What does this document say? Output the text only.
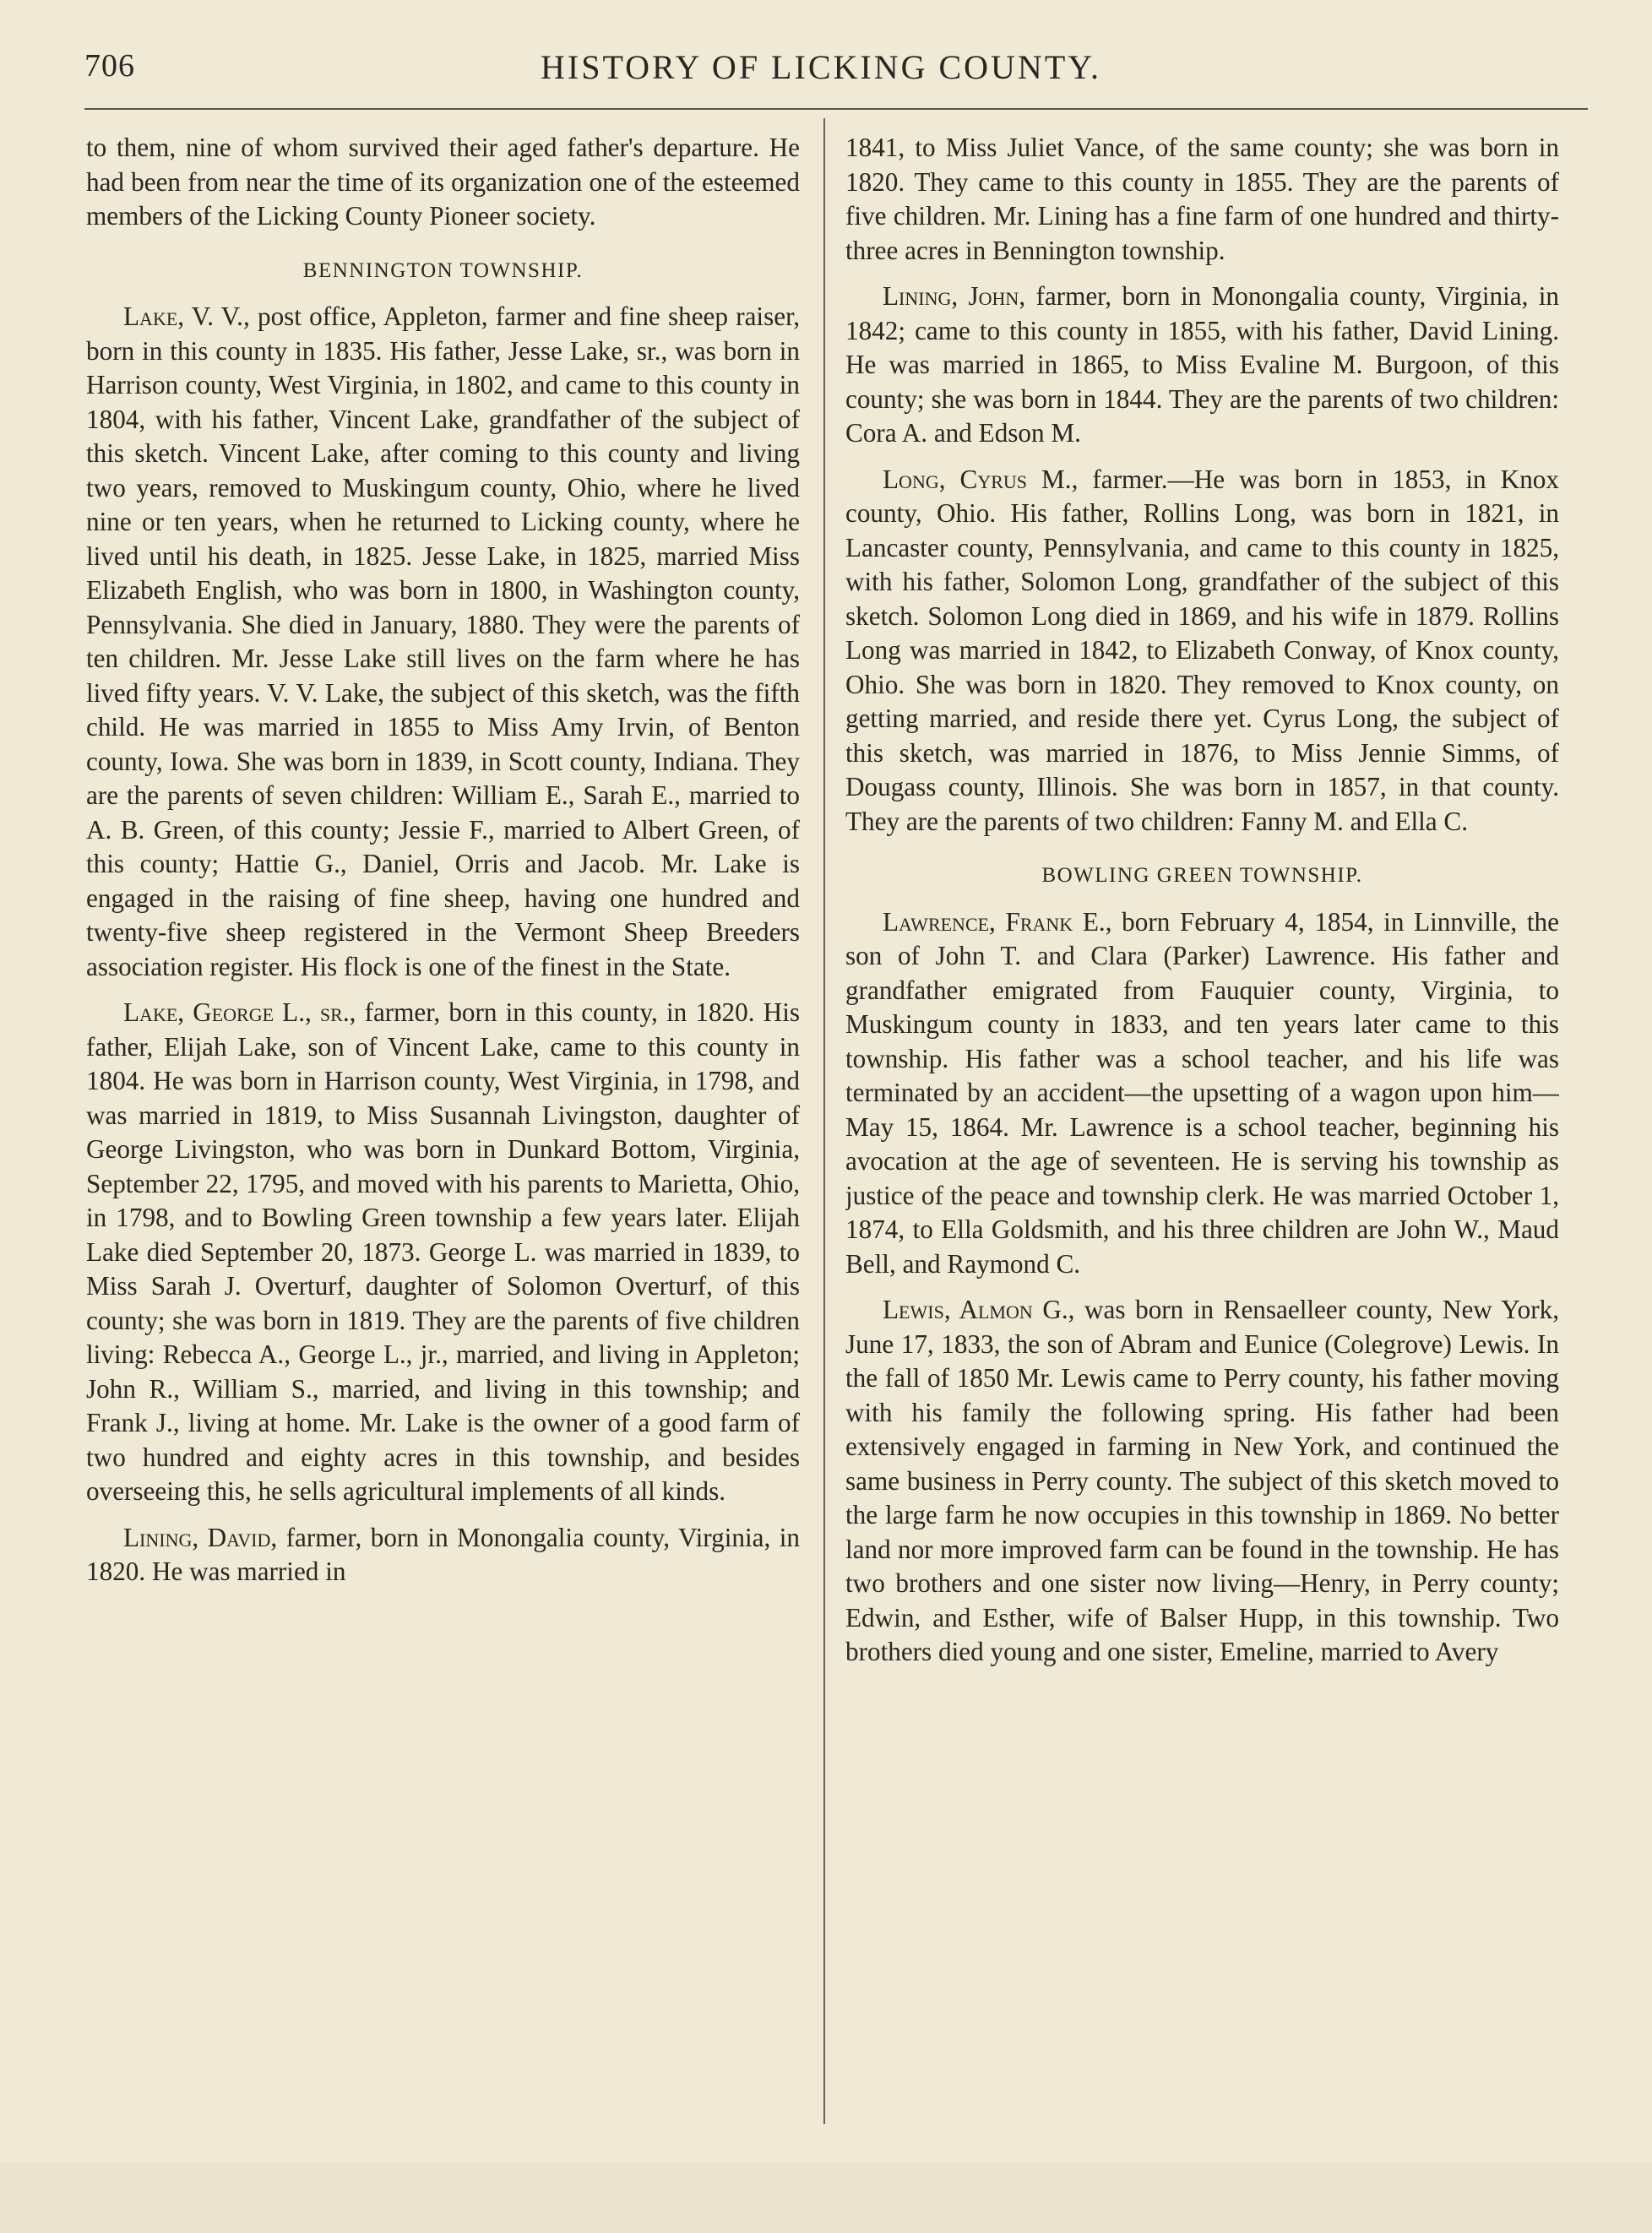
706	HISTORY OF LICKING COUNTY.

to them, nine of whom survived their aged father's departure. He had been from near the time of its organization one of the esteemed members of the Licking County Pioneer society.

BENNINGTON TOWNSHIP.

Lake, V. V., post office, Appleton, farmer and fine sheep raiser, born in this county in 1835. His father, Jesse Lake, sr., was born in Harrison county, West Virginia, in 1802, and came to this county in 1804, with his father, Vincent Lake, grandfather of the subject of this sketch. Vincent Lake, after coming to this county and living two years, removed to Muskingum county, Ohio, where he lived nine or ten years, when he returned to Licking county, where he lived until his death, in 1825. Jesse Lake, in 1825, married Miss Elizabeth English, who was born in 1800, in Washington county, Pennsylvania. She died in January, 1880. They were the parents of ten children. Mr. Jesse Lake still lives on the farm where he has lived fifty years. V. V. Lake, the subject of this sketch, was the fifth child. He was married in 1855 to Miss Amy Irvin, of Benton county, Iowa. She was born in 1839, in Scott county, Indiana. They are the parents of seven children: William E., Sarah E., married to A. B. Green, of this county; Jessie F., married to Albert Green, of this county; Hattie G., Daniel, Orris and Jacob. Mr. Lake is engaged in the raising of fine sheep, having one hundred and twenty-five sheep registered in the Vermont Sheep Breeders association register. His flock is one of the finest in the State.

Lake, George L., sr., farmer, born in this county, in 1820. His father, Elijah Lake, son of Vincent Lake, came to this county in 1804. He was born in Harrison county, West Virginia, in 1798, and was married in 1819, to Miss Susannah Livingston, daughter of George Livingston, who was born in Dunkard Bottom, Virginia, September 22, 1795, and moved with his parents to Marietta, Ohio, in 1798, and to Bowling Green township a few years later. Elijah Lake died September 20, 1873. George L. was married in 1839, to Miss Sarah J. Overturf, daughter of Solomon Overturf, of this county; she was born in 1819. They are the parents of five children living: Rebecca A., George L., jr., married, and living in Appleton; John R., William S., married, and living in this township; and Frank J., living at home. Mr. Lake is the owner of a good farm of two hundred and eighty acres in this township, and besides overseeing this, he sells agricultural implements of all kinds.

Lining, David, farmer, born in Monongalia county, Virginia, in 1820. He was married in

1841, to Miss Juliet Vance, of the same county; she was born in 1820. They came to this county in 1855. They are the parents of five children. Mr. Lining has a fine farm of one hundred and thirty-three acres in Bennington township.

Lining, John, farmer, born in Monongalia county, Virginia, in 1842; came to this county in 1855, with his father, David Lining. He was married in 1865, to Miss Evaline M. Burgoon, of this county; she was born in 1844. They are the parents of two children: Cora A. and Edson M.

Long, Cyrus M., farmer.—He was born in 1853, in Knox county, Ohio. His father, Rollins Long, was born in 1821, in Lancaster county, Pennsylvania, and came to this county in 1825, with his father, Solomon Long, grandfather of the subject of this sketch. Solomon Long died in 1869, and his wife in 1879. Rollins Long was married in 1842, to Elizabeth Conway, of Knox county, Ohio. She was born in 1820. They removed to Knox county, on getting married, and reside there yet. Cyrus Long, the subject of this sketch, was married in 1876, to Miss Jennie Simms, of Dougass county, Illinois. She was born in 1857, in that county. They are the parents of two children: Fanny M. and Ella C.

BOWLING GREEN TOWNSHIP.

Lawrence, Frank E., born February 4, 1854, in Linnville, the son of John T. and Clara (Parker) Lawrence. His father and grandfather emigrated from Fauquier county, Virginia, to Muskingum county in 1833, and ten years later came to this township. His father was a school teacher, and his life was terminated by an accident—the upsetting of a wagon upon him—May 15, 1864. Mr. Lawrence is a school teacher, beginning his avocation at the age of seventeen. He is serving his township as justice of the peace and township clerk. He was married October 1, 1874, to Ella Goldsmith, and his three children are John W., Maud Bell, and Raymond C.

Lewis, Almon G., was born in Rensaelleer county, New York, June 17, 1833, the son of Abram and Eunice (Colegrove) Lewis. In the fall of 1850 Mr. Lewis came to Perry county, his father moving with his family the following spring. His father had been extensively engaged in farming in New York, and continued the same business in Perry county. The subject of this sketch moved to the large farm he now occupies in this township in 1869. No better land nor more improved farm can be found in the township. He has two brothers and one sister now living—Henry, in Perry county; Edwin, and Esther, wife of Balser Hupp, in this township. Two brothers died young and one sister, Emeline, married to Avery
